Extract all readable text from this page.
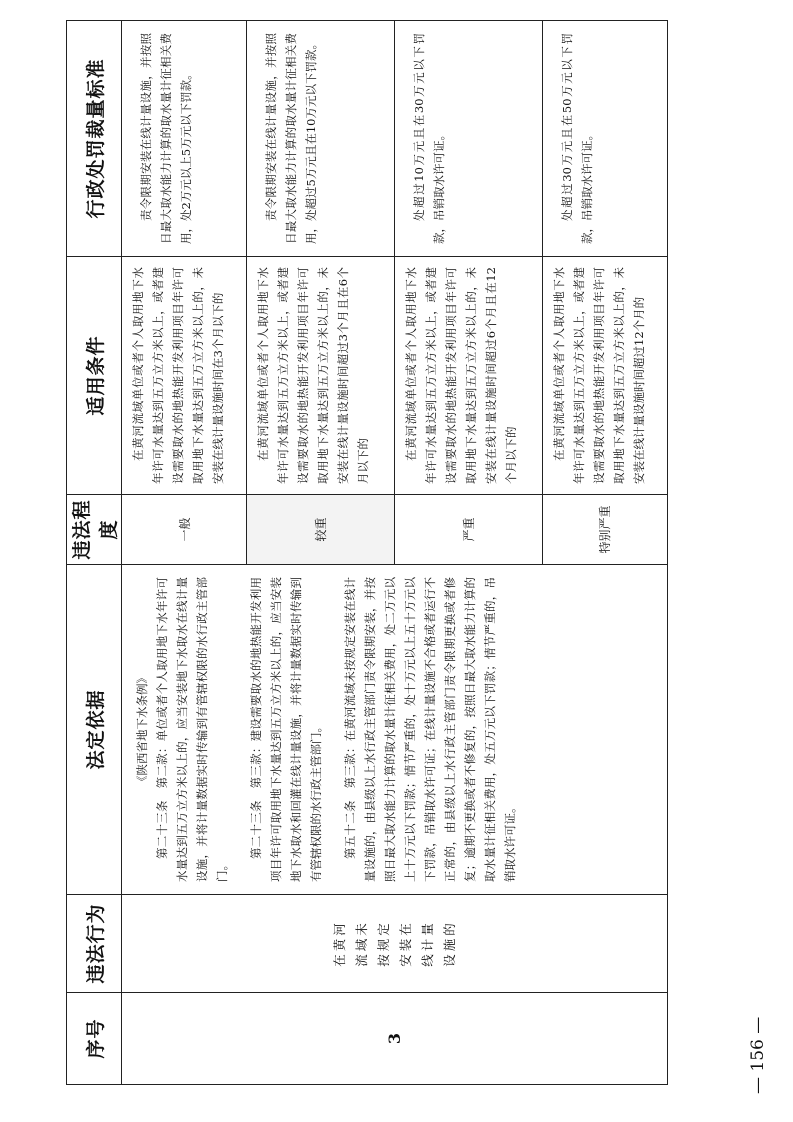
序号	违法行为	法定依据	违法程度	适用条件	行政处罚裁量标准
3	在黄河流域未按规定安装在线计量设施的	《陕西省地下水条例》 第二十三条　第二款：单位或者个人取用地下水年许可水量达到五万立方米以上的，应当安装地下水取水在线计量设施，并将计量数据实时传输到有管辖权限的水行政主管部门。

第二十三条　第三款：建设需要取水的地热能开发利用项目年许可取用地下水量达到五万立方米以上的，应当安装地下水取水和回灌在线计量设施，并将计量数据实时传输到有管辖权限的水行政主管部门。 第五十二条　第三款：在黄河流域未按规定安装在线计量设施的，由县级以上水行政主管部门责令限期安装，并按照日最大取水能力计算的取水量计征相关费用，处二万元以上十万元以下罚款；情节严重的，处十万元以上五十万元以下罚款，吊销取水许可证；在线计量设施不合格或者运行不正常的，由县级以上水行政主管部门责令限期更换或者修复；逾期不更换或者不修复的，按照日最大取水能力计算的取水量计征相关费用，处五万元以下罚款；情节严重的，吊销取水许可证。	一般	在黄河流域单位或者个人取用地下水年许可水量达到五万立方米以上，或者建设需要取水的地热能开发利用项目年许可取用地下水量达到五万立方米以上的，未安装在线计量设施时间在3个月以下的	责令限期安装在线计量设施，并按照日最大取水能力计算的取水量计征相关费用，处2万元以上5万元以下罚款。

			较重	在黄河流域单位或者个人取用地下水年许可水量达到五万立方米以上，或者建设需要取水的地热能开发利用项目年许可取用地下水量达到五万立方米以上的，未安装在线计量设施时间超过3个月且在6个月以下的	责令限期安装在线计量设施，并按照日最大取水能力计算的取水量计征相关费用，处超过5万元且在10万元以下罚款。

			严重	在黄河流域单位或者个人取用地下水年许可水量达到五万立方米以上，或者建设需要取水的地热能开发利用项目年许可取用地下水量达到五万立方米以上的，未安装在线计量设施时间超过6个月且在12个月以下的	处超过10万元且在30万元以下罚款，吊销取水许可证。

			特别严重	在黄河流域单位或者个人取用地下水年许可水量达到五万立方米以上，或者建设需要取水的地热能开发利用项目年许可取用地下水量达到五万立方米以上的，未安装在线计量设施时间超过12个月的	处超过30万元且在50万元以下罚款，吊销取水许可证。
— 156 —
